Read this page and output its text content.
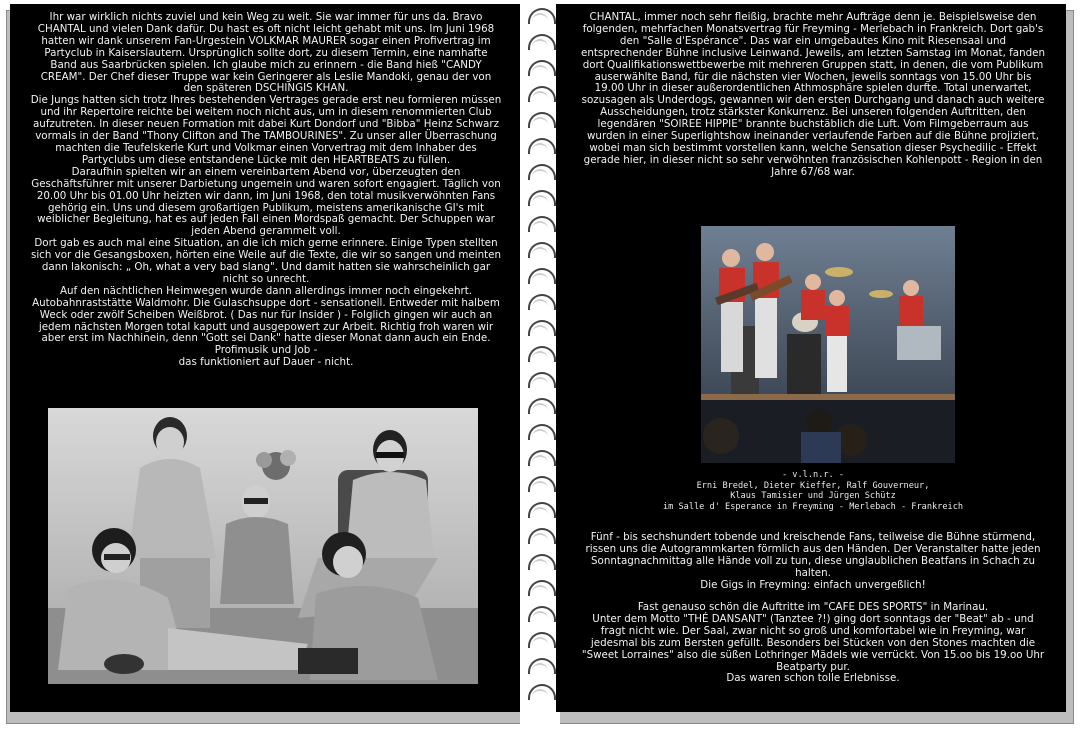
Ihr war wirklich nichts zuviel und kein Weg zu weit. Sie war immer für uns da. Bravo CHANTAL und vielen Dank dafür. Du hast es oft nicht leicht gehabt mit uns. Im Juni 1968 hatten wir dank unserem Fan-Urgestein VOLKMAR MAURER sogar einen Profivertrag im Partyclub in Kaiserslautern. Ursprünglich sollte dort, zu diesem Termin, eine namhafte Band aus Saarbrücken spielen. Ich glaube mich zu erinnern - die Band hieß "CANDY CREAM". Der Chef dieser Truppe war kein Geringerer als Leslie Mandoki, genau der von den späteren DSCHINGIS KHAN.

Die Jungs hatten sich trotz Ihres bestehenden Vertrages gerade erst neu formieren müssen und ihr Repertoire reichte bei weitem noch nicht aus, um in diesem renommierten Club aufzutreten. In dieser neuen Formation mit dabei Kurt Dondorf und "Bibba" Heinz Schwarz vormals in der Band "Thony Clifton and The TAMBOURINES". Zu unser aller Überraschung machten die Teufelskerle Kurt und Volkmar einen Vorvertrag mit dem Inhaber des Partyclubs um diese entstandene Lücke mit den HEARTBEATS zu füllen.

Daraufhin spielten wir an einem vereinbartem Abend vor, überzeugten den Geschäftsführer mit unserer Darbietung ungemein und waren sofort engagiert. Täglich von 20.00 Uhr bis 01.00 Uhr heizten wir dann, im Juni 1968, den total musikverwöhnten Fans gehörig ein. Uns und diesem großartigen Publikum, meistens amerikanische GI's mit weiblicher Begleitung, hat es auf jeden Fall einen Mordspaß gemacht. Der Schuppen war jeden Abend gerammelt voll.

Dort gab es auch mal eine Situation, an die ich mich gerne erinnere. Einige Typen stellten sich vor die Gesangsboxen, hörten eine Weile auf die Texte, die wir so sangen und meinten dann lakonisch: „ Oh, what a very bad slang". Und damit hatten sie wahrscheinlich gar nicht so unrecht.

Auf den nächtlichen Heimwegen wurde dann allerdings immer noch eingekehrt. Autobahnraststätte Waldmohr. Die Gulaschsuppe dort - sensationell. Entweder mit halbem Weck oder zwölf Scheiben Weißbrot. ( Das nur für Insider ) - Folglich gingen wir auch an jedem nächsten Morgen total kaputt und ausgepowert zur Arbeit. Richtig froh waren wir aber erst im Nachhinein, denn "Gott sei Dank" hatte dieser Monat dann auch ein Ende. Profimusik und Job -

das funktioniert auf Dauer - nicht.

CHANTAL, immer noch sehr fleißig, brachte mehr Aufträge denn je. Beispielsweise den folgenden, mehrfachen Monatsvertrag für Freyming - Merlebach in Frankreich. Dort gab's den "Salle d'Espérance". Das war ein umgebautes Kino mit Riesensaal und entsprechender Bühne inclusive Leinwand. Jeweils, am letzten Samstag im Monat, fanden dort Qualifikationswettbewerbe mit mehreren Gruppen statt, in denen, die vom Publikum auserwählte Band, für die nächsten vier Wochen, jeweils sonntags von 15.00 Uhr bis 19.00 Uhr in dieser außerordentlichen Athmosphäre spielen durfte. Total unerwartet, sozusagen als Underdogs, gewannen wir den ersten Durchgang und danach auch weitere Ausscheidungen, trotz stärkster Konkurrenz. Bei unseren folgenden Auftritten, den legendären "SOIREE HIPPIE" brannte buchstäblich die Luft. Vom Filmgeberraum aus wurden in einer Superlightshow ineinander verlaufende Farben auf die Bühne projiziert, wobei man sich bestimmt vorstellen kann, welche Sensation dieser Psychedilic - Effekt gerade hier, in dieser nicht so sehr verwöhnten französischen Kohlenpott - Region in den Jahre 67/68 war.

- v.l.n.r. -

Erni Bredel, Dieter Kieffer, Ralf Gouverneur,

Klaus Tamisier und Jürgen Schütz

im Salle d' Esperance in Freyming - Merlebach - Frankreich

Fünf - bis sechshundert tobende und kreischende Fans, teilweise die Bühne stürmend, rissen uns die Autogrammkarten förmlich aus den Händen. Der Veranstalter hatte jeden Sonntagnachmittag alle Hände voll zu tun, diese unglaublichen Beatfans in Schach zu halten.

Die Gigs in Freyming: einfach unvergeßlich!

Fast genauso schön die Auftritte im "CAFE DES SPORTS" in Marinau.

Unter dem Motto "THÉ DANSANT" (Tanztee ?!) ging dort sonntags der "Beat" ab - und fragt nicht wie. Der Saal, zwar nicht so groß und komfortabel wie in Freyming, war jedesmal bis zum Bersten gefüllt. Besonders bei Stücken von den Stones machten die "Sweet Lorraines" also die süßen Lothringer Mädels wie verrückt. Von 15.oo bis 19.oo Uhr Beatparty pur.

Das waren schon tolle Erlebnisse.
